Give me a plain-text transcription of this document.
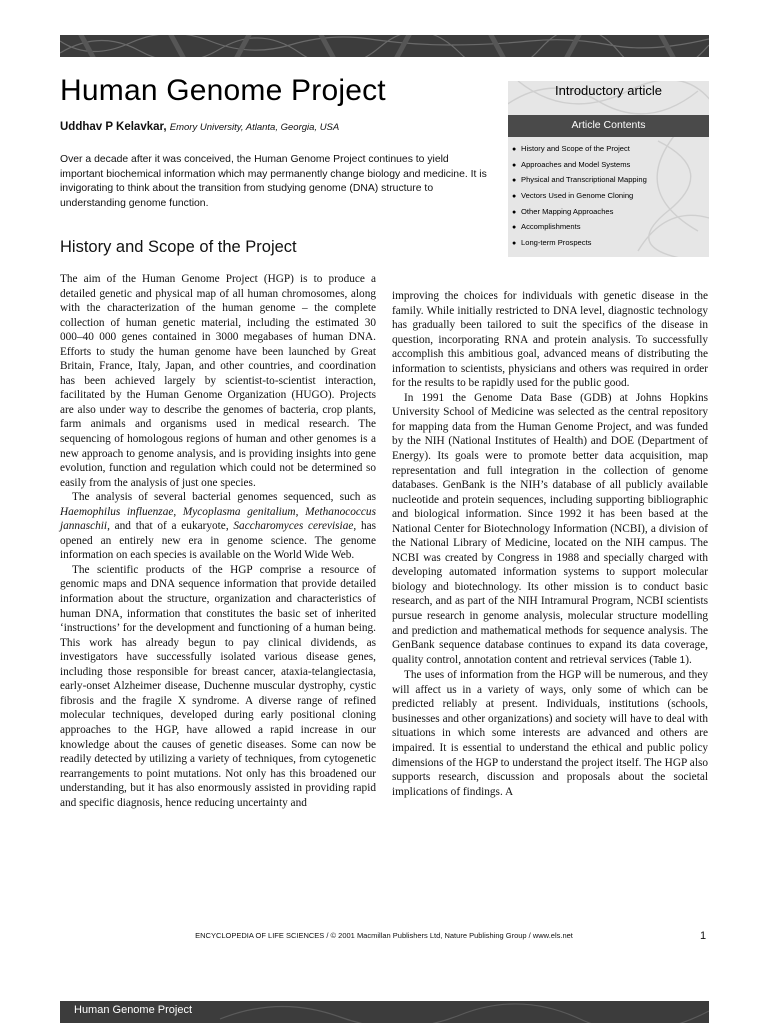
Human Genome Project
Uddhav P Kelavkar, Emory University, Atlanta, Georgia, USA
Over a decade after it was conceived, the Human Genome Project continues to yield important biochemical information which may permanently change biology and medicine. It is invigorating to think about the transition from studying genome (DNA) structure to understanding genome function.
Introductory article
Article Contents
● History and Scope of the Project
● Approaches and Model Systems
● Physical and Transcriptional Mapping
● Vectors Used in Genome Cloning
● Other Mapping Approaches
● Accomplishments
● Long-term Prospects
History and Scope of the Project

The aim of the Human Genome Project (HGP) is to produce a detailed genetic and physical map of all human chromosomes, along with the characterization of the human genome – the complete collection of human genetic material, including the estimated 30 000–40 000 genes contained in 3000 megabases of human DNA. Efforts to study the human genome have been launched by Great Britain, France, Italy, Japan, and other countries, and coordination has been achieved largely by scientist-to-scientist interaction, facilitated by the Human Genome Organization (HUGO). Projects are also under way to describe the genomes of bacteria, crop plants, farm animals and organisms used in medical research. The sequencing of homologous regions of human and other genomes is a new approach to genome analysis, and is providing insights into gene evolution, function and regulation which could not be determined so easily from the analysis of just one species.

The analysis of several bacterial genomes sequenced, such as Haemophilus influenzae, Mycoplasma genitalium, Methanococcus jannaschii, and that of a eukaryote, Saccharomyces cerevisiae, has opened an entirely new era in genome science. The genome information on each species is available on the World Wide Web.

The scientific products of the HGP comprise a resource of genomic maps and DNA sequence information that provide detailed information about the structure, organization and characteristics of human DNA, information that constitutes the basic set of inherited ‘instructions’ for the development and functioning of a human being. This work has already begun to pay clinical dividends, as investigators have successfully isolated various disease genes, including those responsible for breast cancer, ataxia-telangiectasia, early-onset Alzheimer disease, Duchenne muscular dystrophy, cystic fibrosis and the fragile X syndrome. A diverse range of refined molecular techniques, developed during early positional cloning approaches to the HGP, have allowed a rapid increase in our knowledge about the causes of genetic diseases. Some can now be readily detected by utilizing a variety of techniques, from cytogenetic rearrangements to point mutations. Not only has this broadened our understanding, but it has also enormously assisted in providing rapid and specific diagnosis, hence reducing uncertainty and

improving the choices for individuals with genetic disease in the family. While initially restricted to DNA level, diagnostic technology has gradually been tailored to suit the specifics of the disease in question, incorporating RNA and protein analysis. To successfully accomplish this ambitious goal, advanced means of distributing the information to scientists, physicians and others was required in order for the results to be rapidly used for the public good.

In 1991 the Genome Data Base (GDB) at Johns Hopkins University School of Medicine was selected as the central repository for mapping data from the Human Genome Project, and was funded by the NIH (National Institutes of Health) and DOE (Department of Energy). Its goals were to promote better data acquisition, map representation and full integration in the collection of genome databases. GenBank is the NIH’s database of all publicly available nucleotide and protein sequences, including supporting bibliographic and biological information. Since 1992 it has been based at the National Center for Biotechnology Information (NCBI), a division of the National Library of Medicine, located on the NIH campus. The NCBI was created by Congress in 1988 and specially charged with developing automated information systems to support molecular biology and biotechnology. Its other mission is to conduct basic research, and as part of the NIH Intramural Program, NCBI scientists pursue research in genome analysis, molecular structure modelling and prediction and mathematical methods for sequence analysis. The GenBank sequence database continues to expand its data coverage, quality control, annotation content and retrieval services (Table 1).

The uses of information from the HGP will be numerous, and they will affect us in a variety of ways, only some of which can be predicted reliably at present. Individuals, institutions (schools, businesses and other organizations) and society will have to deal with situations in which some interests are advanced and others are impaired. It is essential to understand the ethical and public policy dimensions of the HGP to understand the project itself. The HGP also supports research, discussion and proposals about the societal implications of findings. A

ENCYCLOPEDIA OF LIFE SCIENCES / © 2001 Macmillan Publishers Ltd, Nature Publishing Group / www.els.net	1
Human Genome Project
